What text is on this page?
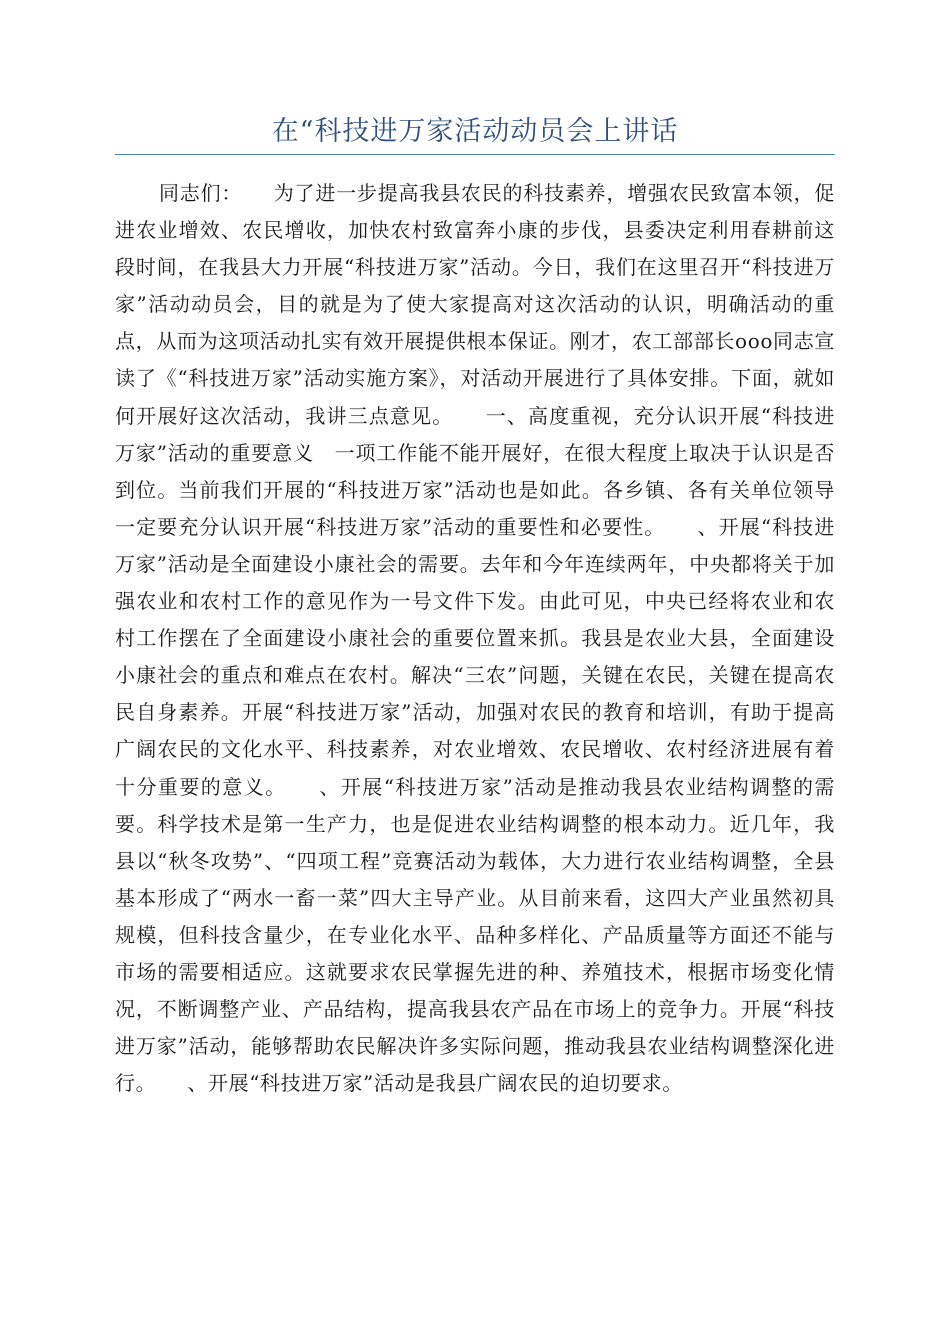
在“科技进万家活动动员会上讲话

同志们：　　为了进一步提高我县农民的科技素养，增强农民致富本领，促进农业增效、农民增收，加快农村致富奔小康的步伐，县委决定利用春耕前这段时间，在我县大力开展“科技进万家”活动。今日，我们在这里召开“科技进万家”活动动员会，目的就是为了使大家提高对这次活动的认识，明确活动的重点，从而为这项活动扎实有效开展提供根本保证。刚才，农工部部长ooo同志宣读了《“科技进万家”活动实施方案》，对活动开展进行了具体安排。下面，就如何开展好这次活动，我讲三点意见。　　一、高度重视，充分认识开展“科技进万家”活动的重要意义　一项工作能不能开展好，在很大程度上取决于认识是否到位。当前我们开展的“科技进万家”活动也是如此。各乡镇、各有关单位领导一定要充分认识开展“科技进万家”活动的重要性和必要性。　　、开展“科技进万家”活动是全面建设小康社会的需要。去年和今年连续两年，中央都将关于加强农业和农村工作的意见作为一号文件下发。由此可见，中央已经将农业和农村工作摆在了全面建设小康社会的重要位置来抓。我县是农业大县，全面建设小康社会的重点和难点在农村。解决“三农”问题，关键在农民，关键在提高农民自身素养。开展“科技进万家”活动，加强对农民的教育和培训，有助于提高广阔农民的文化水平、科技素养，对农业增效、农民增收、农村经济进展有着十分重要的意义。　　、开展“科技进万家”活动是推动我县农业结构调整的需要。科学技术是第一生产力，也是促进农业结构调整的根本动力。近几年，我县以“秋冬攻势”、“四项工程”竞赛活动为载体，大力进行农业结构调整，全县基本形成了“两水一畜一菜”四大主导产业。从目前来看，这四大产业虽然初具规模，但科技含量少，在专业化水平、品种多样化、产品质量等方面还不能与市场的需要相适应。这就要求农民掌握先进的种、养殖技术，根据市场变化情况，不断调整产业、产品结构，提高我县农产品在市场上的竞争力。开展“科技进万家”活动，能够帮助农民解决许多实际问题，推动我县农业结构调整深化进行。　　、开展“科技进万家”活动是我县广阔农民的迫切要求。
